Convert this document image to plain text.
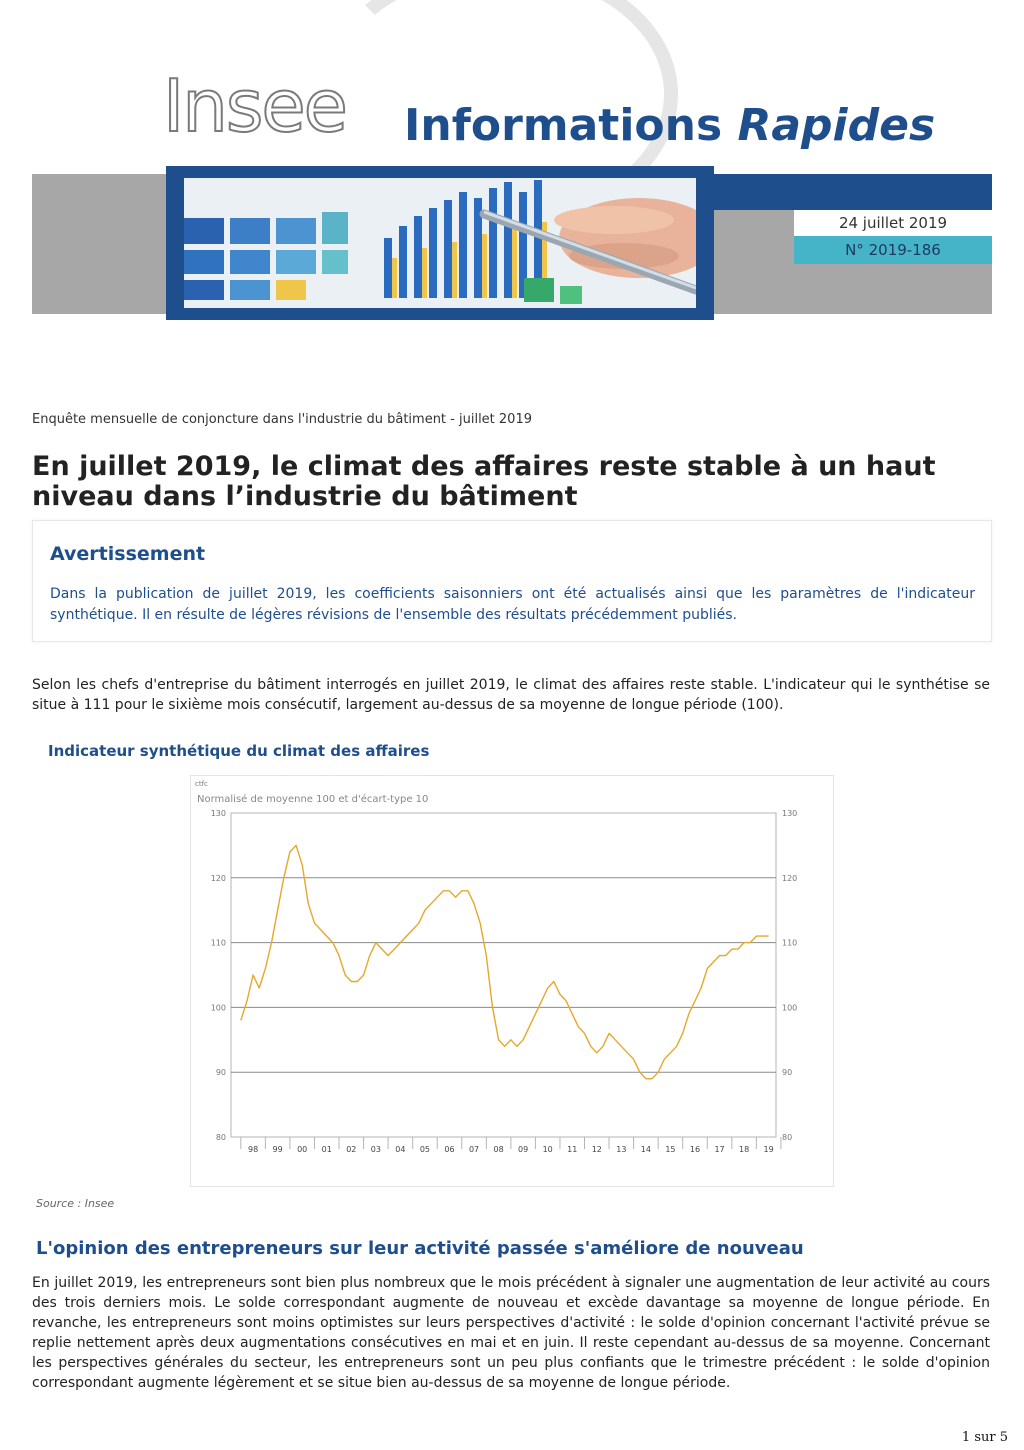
Insee Informations Rapides
24 juillet 2019
N° 2019-186
Enquête mensuelle de conjoncture dans l'industrie du bâtiment - juillet 2019
En juillet 2019, le climat des affaires reste stable à un haut niveau dans l’industrie du bâtiment
Avertissement
Dans la publication de juillet 2019, les coefficients saisonniers ont été actualisés ainsi que les paramètres de l'indicateur synthétique. Il en résulte de légères révisions de l'ensemble des résultats précédemment publiés.
Selon les chefs d'entreprise du bâtiment interrogés en juillet 2019, le climat des affaires reste stable. L'indicateur qui le synthétise se situe à 111 pour le sixième mois consécutif, largement au-dessus de sa moyenne de longue période (100).
Indicateur synthétique du climat des affaires
ctfc
Normalisé de moyenne 100 et d'écart-type 10
80	80
90	90
100	100
110	110
120	120
130	130
98 99 00 01 02 03 04 05 06 07 08 09 10 11 12 13 14 15 16 17 18 19
Source : Insee
L'opinion des entrepreneurs sur leur activité passée s'améliore de nouveau
En juillet 2019, les entrepreneurs sont bien plus nombreux que le mois précédent à signaler une augmentation de leur activité au cours des trois derniers mois. Le solde correspondant augmente de nouveau et excède davantage sa moyenne de longue période. En revanche, les entrepreneurs sont moins optimistes sur leurs perspectives d'activité : le solde d'opinion concernant l'activité prévue se replie nettement après deux augmentations consécutives en mai et en juin. Il reste cependant au-dessus de sa moyenne. Concernant les perspectives générales du secteur, les entrepreneurs sont un peu plus confiants que le trimestre précédent : le solde d'opinion correspondant augmente légèrement et se situe bien au-dessus de sa moyenne de longue période.
1 sur 5
